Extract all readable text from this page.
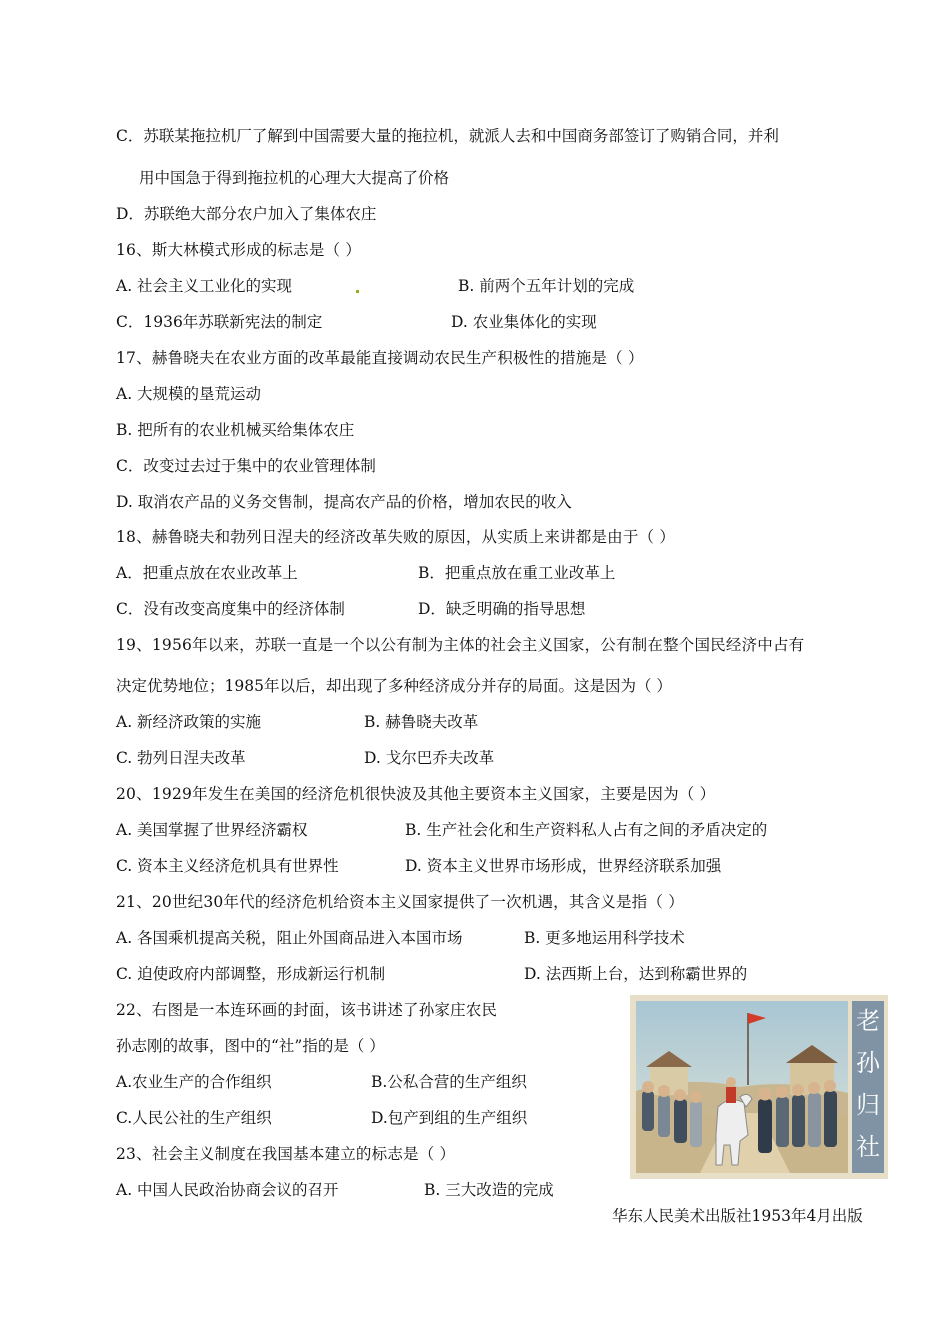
C．苏联某拖拉机厂了解到中国需要大量的拖拉机，就派人去和中国商务部签订了购销合同，并利
用中国急于得到拖拉机的心理大大提高了价格
D．苏联绝大部分农户加入了集体农庄
16、斯大林模式形成的标志是（ ）
A. 社会主义工业化的实现	B. 前两个五年计划的完成
C．1936年苏联新宪法的制定	D. 农业集体化的实现
17、赫鲁晓夫在农业方面的改革最能直接调动农民生产积极性的措施是（ ）
A. 大规模的垦荒运动
B. 把所有的农业机械买给集体农庄
C．改变过去过于集中的农业管理体制
D. 取消农产品的义务交售制，提高农产品的价格，增加农民的收入
18、赫鲁晓夫和勃列日涅夫的经济改革失败的原因，从实质上来讲都是由于（ ）
A．把重点放在农业改革上	B．把重点放在重工业改革上
C．没有改变高度集中的经济体制	D．缺乏明确的指导思想
19、1956年以来，苏联一直是一个以公有制为主体的社会主义国家，公有制在整个国民经济中占有
决定优势地位；1985年以后，却出现了多种经济成分并存的局面。这是因为（ ）
A. 新经济政策的实施	B. 赫鲁晓夫改革
C. 勃列日涅夫改革	D. 戈尔巴乔夫改革
20、1929年发生在美国的经济危机很快波及其他主要资本主义国家，主要是因为（ ）
A. 美国掌握了世界经济霸权	B. 生产社会化和生产资料私人占有之间的矛盾决定的
C. 资本主义经济危机具有世界性	D. 资本主义世界市场形成，世界经济联系加强
21、20世纪30年代的经济危机给资本主义国家提供了一次机遇，其含义是指（ ）
A. 各国乘机提高关税，阻止外国商品进入本国市场	B. 更多地运用科学技术
C. 迫使政府内部调整，形成新运行机制	D. 法西斯上台，达到称霸世界的
22、右图是一本连环画的封面，该书讲述了孙家庄农民
孙志刚的故事，图中的“社”指的是（ ）
A.农业生产的合作组织	B.公私合营的生产组织
C.人民公社的生产组织	D.包产到组的生产组织
23、社会主义制度在我国基本建立的标志是（ ）
A. 中国人民政治协商会议的召开	B. 三大改造的完成
老
孙
归
社
华东人民美术出版社1953年4月出版
